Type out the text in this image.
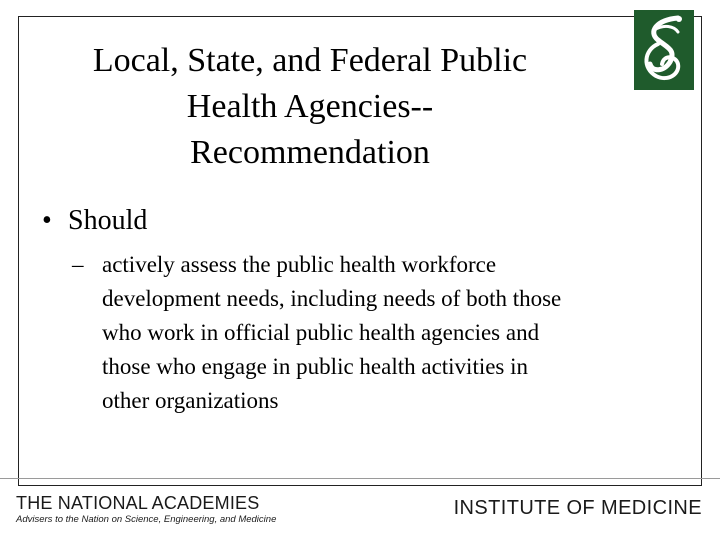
Local, State, and Federal Public
Health Agencies--
Recommendation
• Should
– actively assess the public health workforce
development needs, including needs of both those
who work in official public health agencies and
those who engage in public health activities in
other organizations
THE NATIONAL ACADEMIES
Advisers to the Nation on Science, Engineering, and Medicine
INSTITUTE OF MEDICINE
